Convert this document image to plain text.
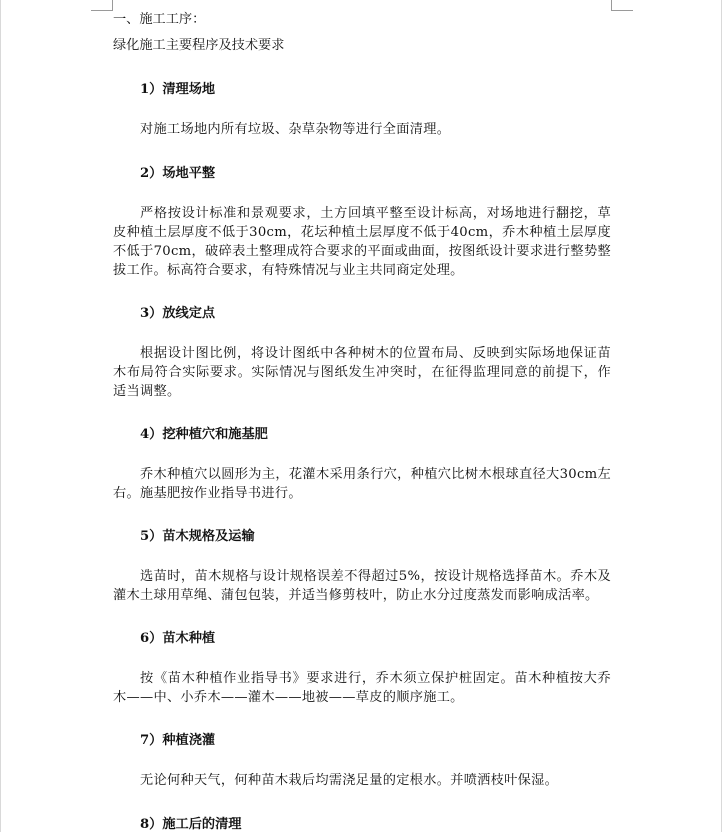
一、施工工序：

绿化施工主要程序及技术要求

1）清理场地

对施工场地内所有垃圾、杂草杂物等进行全面清理。

2）场地平整

严格按设计标准和景观要求，土方回填平整至设计标高，对场地进行翻挖，草皮种植土层厚度不低于30cm，花坛种植土层厚度不低于40cm，乔木种植土层厚度不低于70cm，破碎表土整理成符合要求的平面或曲面，按图纸设计要求进行整势整拔工作。标高符合要求，有特殊情况与业主共同商定处理。

3）放线定点

根据设计图比例，将设计图纸中各种树木的位置布局、反映到实际场地保证苗木布局符合实际要求。实际情况与图纸发生冲突时，在征得监理同意的前提下，作适当调整。

4）挖种植穴和施基肥

乔木种植穴以圆形为主，花灌木采用条行穴，种植穴比树木根球直径大30cm左右。施基肥按作业指导书进行。

5）苗木规格及运输

选苗时，苗木规格与设计规格误差不得超过5%，按设计规格选择苗木。乔木及灌木土球用草绳、蒲包包装，并适当修剪枝叶，防止水分过度蒸发而影响成活率。

6）苗木种植

按《苗木种植作业指导书》要求进行，乔木须立保护桩固定。苗木种植按大乔木——中、小乔木——灌木——地被——草皮的顺序施工。

7）种植浇灌

无论何种天气，何种苗木栽后均需浇足量的定根水。并喷洒枝叶保湿。

8）施工后的清理
